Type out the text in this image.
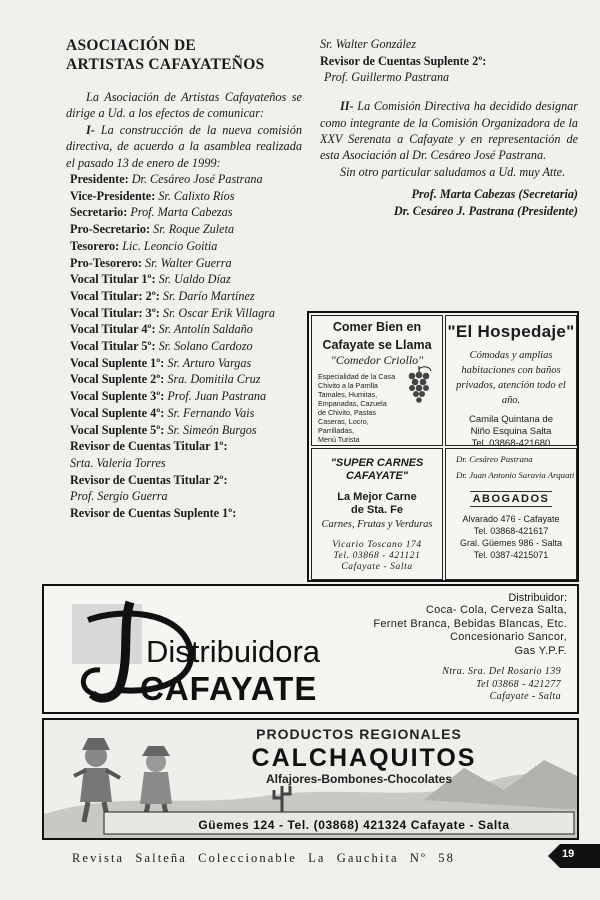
ASOCIACIÓN DE
ARTISTAS CAFAYATEÑOS

La Asociación de Artistas Cafayateños se dirige a Ud. a los efectos de comunicar:

I- La construcción de la nueva comisión directiva, de acuerdo a la asamblea realizada el pasado 13 de enero de 1999:

Presidente: Dr. Cesáreo José Pastrana
Vice-Presidente: Sr. Calixto Ríos
Secretario: Prof. Marta Cabezas
Pro-Secretario: Sr. Roque Zuleta
Tesorero: Lic. Leoncio Goitia
Pro-Tesorero: Sr. Walter Guerra
Vocal Titular 1º: Sr. Ualdo Díaz
Vocal Titular: 2º: Sr. Darío Martínez
Vocal Titular: 3º: Sr. Oscar Erik Villagra
Vocal Titular 4º: Sr. Antolín Saldaño
Vocal Titular 5º: Sr. Solano Cardozo
Vocal Suplente 1º: Sr. Arturo Vargas
Vocal Suplente 2º: Sra. Domitila Cruz
Vocal Suplente 3º: Prof. Juan Pastrana
Vocal Suplente 4º: Sr. Fernando Vais
Vocal Suplente 5º: Sr. Simeón Burgos
Revisor de Cuentas Titular 1º:
Srta. Valeria Torres
Revisor de Cuentas Titular 2º:
Prof. Sergio Guerra
Revisor de Cuentas Suplente 1º:
Sr. Walter González
Revisor de Cuentas Suplente 2º:
Prof. Guillermo Pastrana

II- La Comisión Directiva ha decidido designar como integrante de la Comisión Organizadora de la XXV Serenata a Cafayate y en representación de esta Asociación al Dr. Cesáreo José Pastrana.

Sin otro particular saludamos a Ud. muy Atte.

Prof. Marta Cabezas (Secretaria)
Dr. Cesáreo J. Pastrana (Presidente)
Comer Bien en
Cafayate se Llama
"Comedor Criollo"
Especialidad de la Casa
Chivito a la Parrilla
Tamales, Humitas,
Empanadas, Cazuela
de Chivito, Pastas
Caseras, Locro, Parrilladas,
Menú Turista
"El Hospedaje"
Cómodas y amplias habitaciones con baños privados, atención todo el año.
Camila Quintana de
Niño Esquina Salta
Tel. 03868-421680
"SUPER CARNES
CAFAYATE"
La Mejor Carne
de Sta. Fe
Carnes, Frutas y Verduras
Vicario Toscano 174
Tel. 03868 - 421121
Cafayate - Salta
Dr. Cesáreo Pastrana
Dr. Juan Antonio Saravia Arquati
ABOGADOS
Alvarado 476 - Cafayate
Tel. 03868-421617
Gral. Güemes 986 - Salta
Tel. 0387-4215071
Distribuidora
CAFAYATE
Distribuidor:
Coca- Cola, Cerveza Salta,
Fernet Branca, Bebidas Blancas, Etc.
Concesionario Sancor,
Gas Y.P.F.
Ntra. Sra. Del Rosario 139
Tel 03868 - 421277
Cafayate - Salta
PRODUCTOS REGIONALES
CALCHAQUITOS
Alfajores-Bombones-Chocolates
Güemes 124 - Tel. (03868) 421324 Cafayate - Salta
Revista Salteña Coleccionable La Gauchita Nº 58	19
